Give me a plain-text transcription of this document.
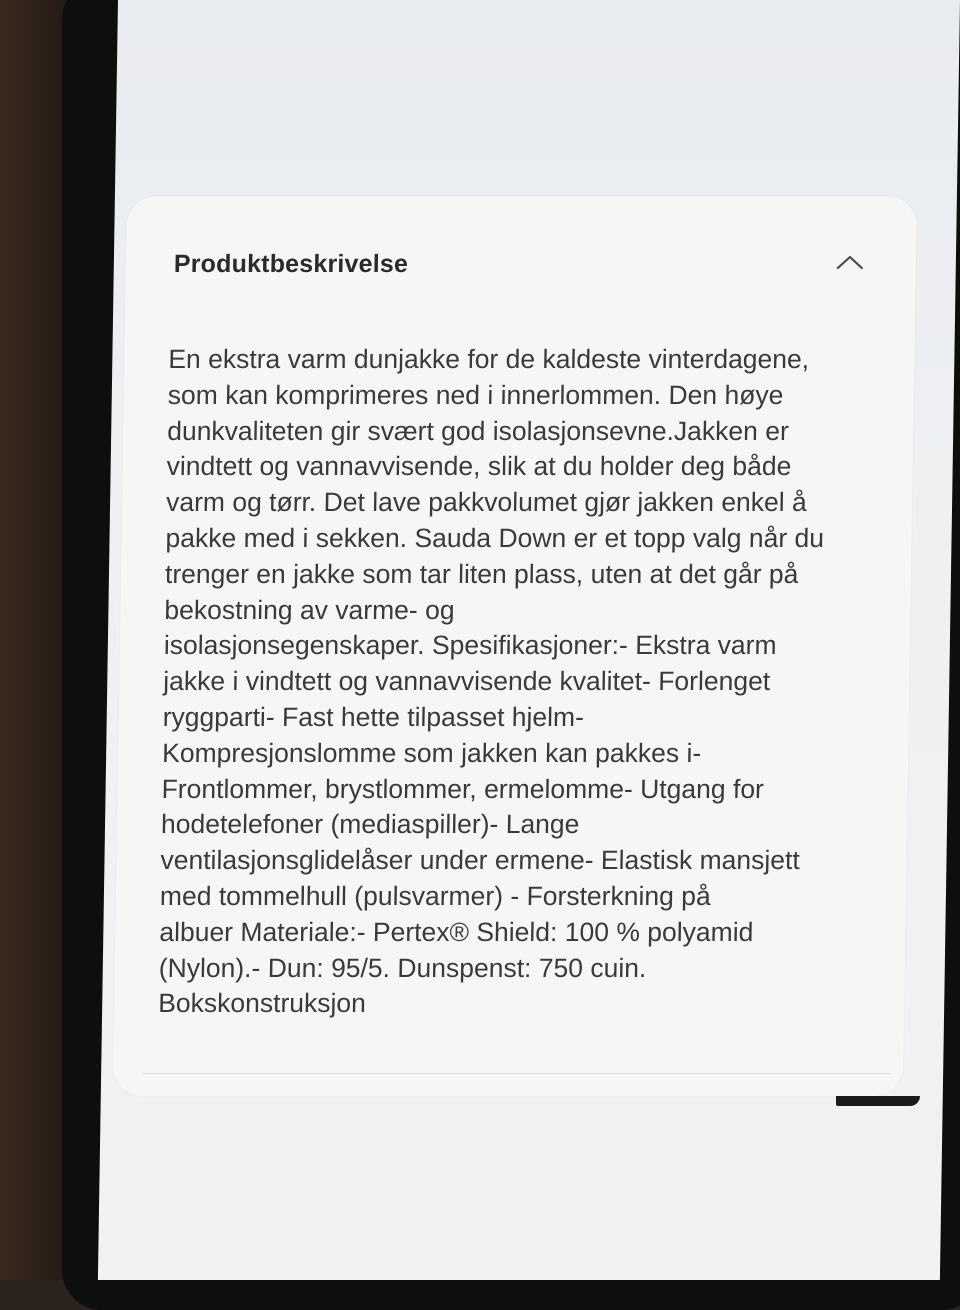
Produktbeskrivelse
En ekstra varm dunjakke for de kaldeste vinterdagene,
som kan komprimeres ned i innerlommen. Den høye
dunkvaliteten gir svært god isolasjonsevne.Jakken er
vindtett og vannavvisende, slik at du holder deg både
varm og tørr. Det lave pakkvolumet gjør jakken enkel å
pakke med i sekken. Sauda Down er et topp valg når du
trenger en jakke som tar liten plass, uten at det går på
bekostning av varme- og
isolasjonsegenskaper. Spesifikasjoner:- Ekstra varm
jakke i vindtett og vannavvisende kvalitet- Forlenget
ryggparti- Fast hette tilpasset hjelm-
Kompresjonslomme som jakken kan pakkes i-
Frontlommer, brystlommer, ermelomme- Utgang for
hodetelefoner (mediaspiller)- Lange
ventilasjonsglidelåser under ermene- Elastisk mansjett
med tommelhull (pulsvarmer) - Forsterkning på
albuer Materiale:- Pertex® Shield: 100 % polyamid
(Nylon).- Dun: 95/5. Dunspenst: 750 cuin.
Bokskonstruksjon
